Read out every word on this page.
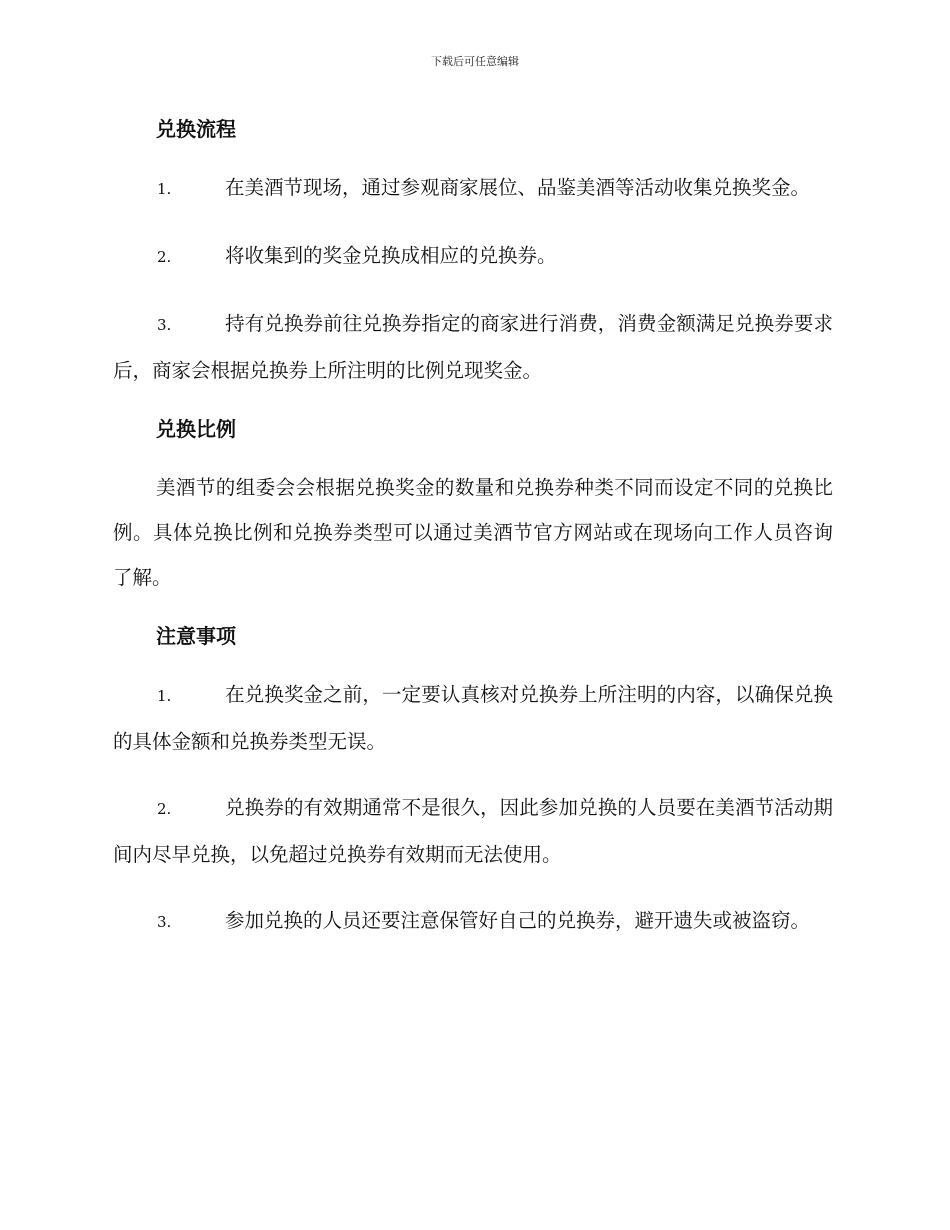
下载后可任意编辑
兑换流程

1.	在美酒节现场，通过参观商家展位、品鉴美酒等活动收集兑换奖金。

2.	将收集到的奖金兑换成相应的兑换券。

3.	持有兑换券前往兑换券指定的商家进行消费，消费金额满足兑换券要求后，商家会根据兑换券上所注明的比例兑现奖金。

兑换比例

美酒节的组委会会根据兑换奖金的数量和兑换券种类不同而设定不同的兑换比例。具体兑换比例和兑换券类型可以通过美酒节官方网站或在现场向工作人员咨询了解。

注意事项

1.	在兑换奖金之前，一定要认真核对兑换券上所注明的内容，以确保兑换的具体金额和兑换券类型无误。

2.	兑换券的有效期通常不是很久，因此参加兑换的人员要在美酒节活动期间内尽早兑换，以免超过兑换券有效期而无法使用。

3.	参加兑换的人员还要注意保管好自己的兑换券，避开遗失或被盗窃。
